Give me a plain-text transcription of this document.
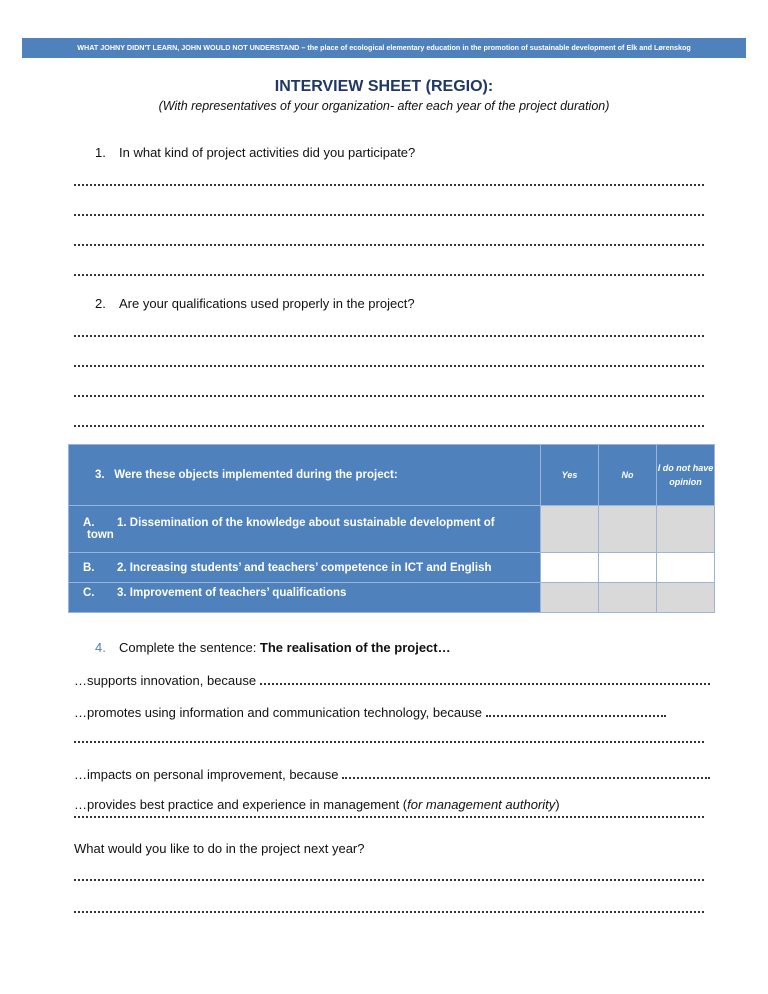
WHAT JOHNY DIDN'T LEARN, JOHN WOULD NOT UNDERSTAND – the place of ecological elementary education in the promotion of sustainable development of Elk and Lørenskog
INTERVIEW SHEET (REGIO):
(With representatives of your organization- after each year of the project duration)
1. In what kind of project activities did you participate?
2. Are your qualifications used properly in the project?
3. Were these objects implemented during the project:	Yes	No	I do not have opinion

A. 1. Dissemination of the knowledge about sustainable development of
town			

B. 2. Increasing students’ and teachers’ competence in ICT and English			
C. 3. Improvement of teachers’ qualifications			
4. Complete the sentence: The realisation of the project…
…supports innovation, because
…promotes using information and communication technology, because
…impacts on personal improvement, because
…provides best practice and experience in management (for management authority)
What would you like to do in the project next year?
